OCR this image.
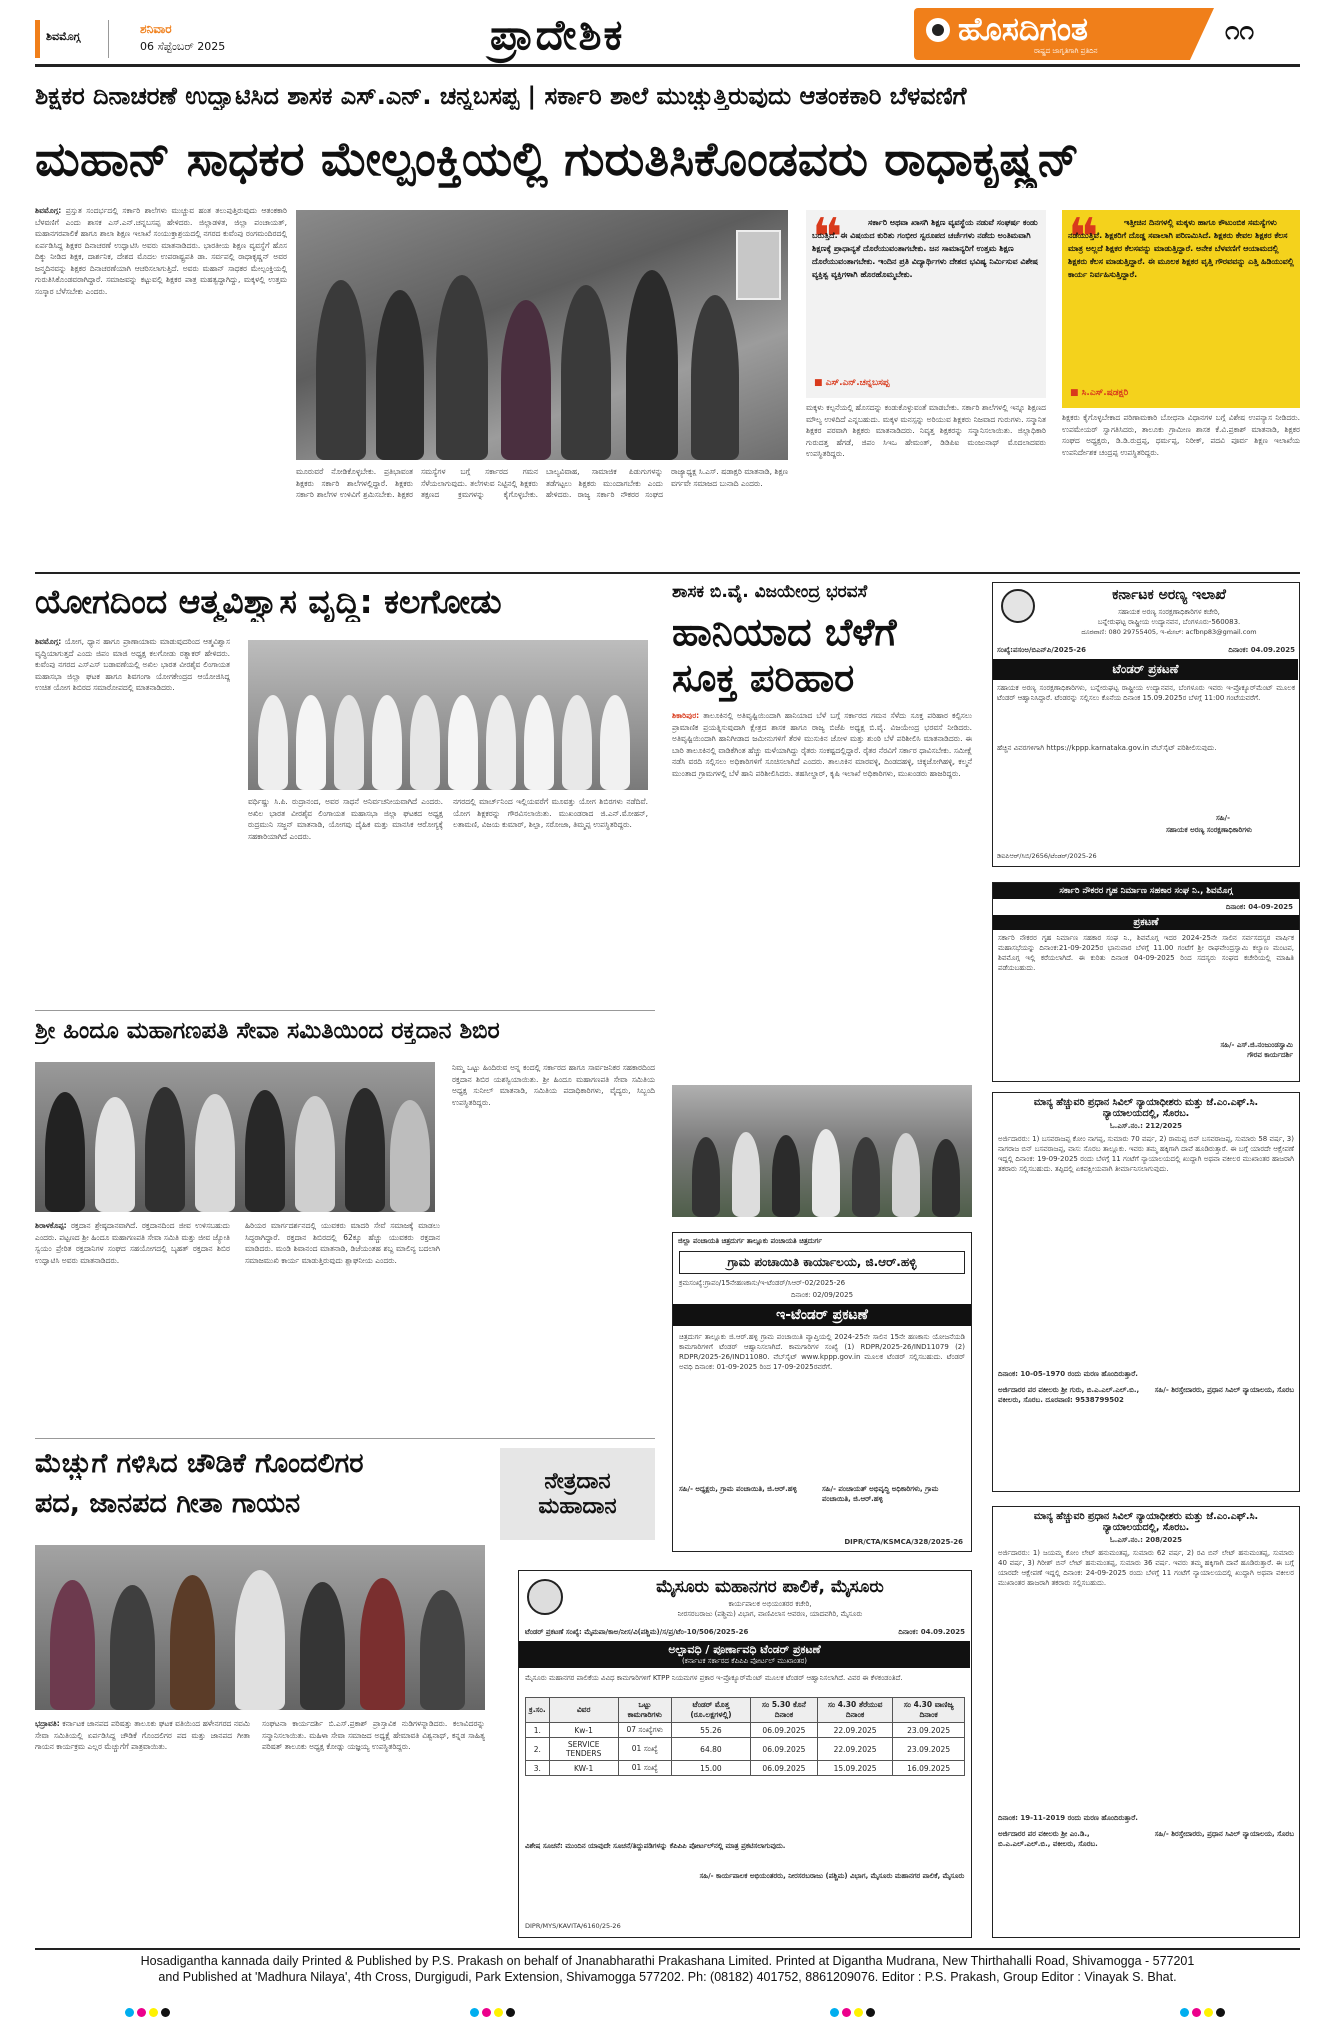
ಶಿವಮೊಗ್ಗ
ಶನಿವಾರ
06 ಸೆಪ್ಟೆಂಬರ್ 2025	ಪ್ರಾದೇಶಿಕ	ಹೊಸದಿಗಂತ
ರಾಷ್ಟ್ರದ ಜಾಗೃತಿಗಾಗಿ ಪ್ರತಿದಿನ
೧೧
ಶಿಕ್ಷಕರ ದಿನಾಚರಣೆ ಉದ್ಘಾಟಿಸಿದ ಶಾಸಕ ಎಸ್.ಎನ್. ಚನ್ನಬಸಪ್ಪ | ಸರ್ಕಾರಿ ಶಾಲೆ ಮುಚ್ಚುತ್ತಿರುವುದು ಆತಂಕಕಾರಿ ಬೆಳವಣಿಗೆ
ಮಹಾನ್ ಸಾಧಕರ ಮೇಲ್ಪಂಕ್ತಿಯಲ್ಲಿ ಗುರುತಿಸಿಕೊಂಡವರು ರಾಧಾಕೃಷ್ಣನ್
ಶಿವಮೊಗ್ಗ: ಪ್ರಸ್ತುತ ಸಂದರ್ಭದಲ್ಲಿ ಸರ್ಕಾರಿ ಶಾಲೆಗಳು ಮುಚ್ಚುವ ಹಂತ ತಲುಪುತ್ತಿರುವುದು ಆತಂಕಕಾರಿ ಬೆಳವಣಿಗೆ ಎಂದು ಶಾಸಕ ಎಸ್.ಎನ್.ಚನ್ನಬಸಪ್ಪ ಹೇಳಿದರು. ಜಿಲ್ಲಾಡಳಿತ, ಜಿಲ್ಲಾ ಪಂಚಾಯತ್, ಮಹಾನಗರಪಾಲಿಕೆ ಹಾಗೂ ಶಾಲಾ ಶಿಕ್ಷಣ ಇಲಾಖೆ ಸಂಯುಕ್ತಾಶ್ರಯದಲ್ಲಿ ನಗರದ ಕುವೆಂಪು ರಂಗಮಂದಿರದಲ್ಲಿ ಏರ್ಪಡಿಸಿದ್ದ ಶಿಕ್ಷಕರ ದಿನಾಚರಣೆ ಉದ್ಘಾಟಿಸಿ ಅವರು ಮಾತನಾಡಿದರು. ಭಾರತೀಯ ಶಿಕ್ಷಣ ವ್ಯವಸ್ಥೆಗೆ ಹೊಸ ದಿಕ್ಕು ನೀಡಿದ ಶಿಕ್ಷಕ, ದಾರ್ಶನಿಕ, ದೇಶದ ಮೊದಲ ಉಪರಾಷ್ಟ್ರಪತಿ ಡಾ. ಸರ್ವಪಲ್ಲಿ ರಾಧಾಕೃಷ್ಣನ್ ಅವರ ಜನ್ಮದಿನವನ್ನು ಶಿಕ್ಷಕರ ದಿನಾಚರಣೆಯಾಗಿ ಆಚರಿಸಲಾಗುತ್ತಿದೆ. ಅವರು ಮಹಾನ್ ಸಾಧಕರ ಮೇಲ್ಪಂಕ್ತಿಯಲ್ಲಿ ಗುರುತಿಸಿಕೊಂಡವರಾಗಿದ್ದಾರೆ. ಸಮಾಜವನ್ನು ಕಟ್ಟುವಲ್ಲಿ ಶಿಕ್ಷಕರ ಪಾತ್ರ ಮಹತ್ವದ್ದಾಗಿದ್ದು, ಮಕ್ಕಳಲ್ಲಿ ಉತ್ತಮ ಸಂಸ್ಕಾರ ಬೆಳೆಸಬೇಕು ಎಂದರು.
ಮೂರುವರೆ ನೋಡಿಕೊಳ್ಳಬೇಕು. ಪ್ರತಿಭಾವಂತ ಶಿಕ್ಷಕರು ಸರ್ಕಾರಿ ಶಾಲೆಗಳಲ್ಲಿದ್ದಾರೆ. ಶಿಕ್ಷಕರು ಸರ್ಕಾರಿ ಶಾಲೆಗಳ ಉಳಿವಿಗೆ ಶ್ರಮಿಸಬೇಕು. ಶಿಕ್ಷಕರ ಸಮಸ್ಯೆಗಳ ಬಗ್ಗೆ ಸರ್ಕಾರದ ಗಮನ ಸೆಳೆಯಲಾಗುವುದು. ತಲೆಗಳುವ ನಿಟ್ಟಿನಲ್ಲಿ ಶಿಕ್ಷಕರು ತಕ್ಷಣದ ಕ್ರಮಗಳನ್ನು ಕೈಗೊಳ್ಳಬೇಕು. ಬಾಲ್ಯವಿವಾಹ, ಸಾಮಾಜಿಕ ಪಿಡುಗುಗಳನ್ನು ತಡೆಗಟ್ಟಲು ಶಿಕ್ಷಕರು ಮುಂದಾಗಬೇಕು ಎಂದು ಹೇಳಿದರು. ರಾಜ್ಯ ಸರ್ಕಾರಿ ನೌಕರರ ಸಂಘದ ರಾಜ್ಯಾಧ್ಯಕ್ಷ ಸಿ.ಎಸ್. ಷಡಾಕ್ಷರಿ ಮಾತನಾಡಿ, ಶಿಕ್ಷಣ ವರ್ಗವೇ ಸಮಾಜದ ಬುನಾದಿ ಎಂದರು.
❝	ಸರ್ಕಾರಿ ಅಥವಾ ಖಾಸಗಿ ಶಿಕ್ಷಣ ವ್ಯವಸ್ಥೆಯ ನಡುವೆ ಸಂಘರ್ಷ ಕಂಡು ಬರುತ್ತಿದೆ. ಈ ವಿಷಯದ ಕುರಿತು ಗಂಭೀರ ಸ್ವರೂಪದ ಚರ್ಚೆಗಳು ನಡೆದು ಅಂತಿಮವಾಗಿ ಶಿಕ್ಷಣಕ್ಕೆ ಪ್ರಾಧಾನ್ಯತೆ ದೊರೆಯುವಂತಾಗಬೇಕು. ಜನ ಸಾಮಾನ್ಯರಿಗೆ ಉತ್ತಮ ಶಿಕ್ಷಣ ದೊರೆಯುವಂತಾಗಬೇಕು. ಇಂದಿನ ಪ್ರತಿ ವಿದ್ಯಾರ್ಥಿಗಳು ದೇಶದ ಭವಿಷ್ಯ ನಿರ್ಮಿಸುವ ವಿಶೇಷ ವ್ಯಕ್ತಿತ್ವ ವ್ಯಕ್ತಿಗಳಾಗಿ ಹೊರಹೊಮ್ಮಬೇಕು.
■ ಎಸ್.ಎನ್.ಚನ್ನಬಸಪ್ಪ
❝	ಇತ್ತೀಚಿನ ದಿನಗಳಲ್ಲಿ ಮಕ್ಕಳು ಹಾಗೂ ಕೌಟುಂಬಿಕ ಸಮಸ್ಯೆಗಳು ನಡೆಯುತ್ತಿವೆ. ಶಿಕ್ಷಕರಿಗೆ ದೊಡ್ಡ ಸವಾಲಾಗಿ ಪರಿಣಮಿಸಿದೆ. ಶಿಕ್ಷಕರು ಕೇವಲ ಶಿಕ್ಷಕರ ಕೆಲಸ ಮಾತ್ರ ಅಲ್ಲದೆ ಶಿಕ್ಷಕರ ಕೆಲಸವನ್ನು ಮಾಡುತ್ತಿದ್ದಾರೆ. ಅನೇಕ ಬೆಳವಣಿಗೆ ಆಯಾಮದಲ್ಲಿ ಶಿಕ್ಷಕರು ಕೆಲಸ ಮಾಡುತ್ತಿದ್ದಾರೆ. ಈ ಮೂಲಕ ಶಿಕ್ಷಕರ ವೃತ್ತಿ ಗೌರವವನ್ನು ಎತ್ತಿ ಹಿಡಿಯುವಲ್ಲಿ ಕಾರ್ಯ ನಿರ್ವಹಿಸುತ್ತಿದ್ದಾರೆ.
■ ಸಿ.ಎಸ್.ಷಡಕ್ಷರಿ
ಮಕ್ಕಳು ಕಲ್ಪನೆಯಲ್ಲಿ ಹೊಸದನ್ನು ಕಂಡುಕೊಳ್ಳುವಂತೆ ಮಾಡಬೇಕು. ಸರ್ಕಾರಿ ಶಾಲೆಗಳಲ್ಲಿ ಇನ್ನೂ ಶಿಕ್ಷಣದ ಮೌಲ್ಯ ಉಳಿದಿದೆ ಎನ್ನಬಹುದು. ಮಕ್ಕಳ ಮನಸ್ಸನ್ನು ಅರಿಯುವ ಶಿಕ್ಷಕರು ನಿಜವಾದ ಗುರುಗಳು. ಸನ್ಮಾನಿತ ಶಿಕ್ಷಕರ ಪರವಾಗಿ ಶಿಕ್ಷಕರು ಮಾತನಾಡಿದರು. ನಿವೃತ್ತ ಶಿಕ್ಷಕರನ್ನು ಸನ್ಮಾನಿಸಲಾಯಿತು. ಜಿಲ್ಲಾಧಿಕಾರಿ ಗುರುದತ್ತ ಹೆಗಡೆ, ಜಿಪಂ ಸಿಇಒ ಹೇಮಂತ್, ಡಿಡಿಪಿಐ ಮಂಜುನಾಥ್ ಮೊದಲಾದವರು ಉಪಸ್ಥಿತರಿದ್ದರು.
ಶಿಕ್ಷಕರು ಕೈಗೊಳ್ಳಬೇಕಾದ ಪರಿಣಾಮಕಾರಿ ಬೋಧನಾ ವಿಧಾನಗಳ ಬಗ್ಗೆ ವಿಶೇಷ ಉಪನ್ಯಾಸ ನೀಡಿದರು. ಉಪಮೇಯರ್ ಸ್ವಾಗತಿಸಿದರು, ತಾಲೂಕು ಗ್ರಾಮೀಣ ಶಾಸಕ ಕೆ.ವಿ.ಪ್ರಕಾಶ್ ಮಾತನಾಡಿ, ಶಿಕ್ಷಕರ ಸಂಘದ ಅಧ್ಯಕ್ಷರು, ಡಿ.ಡಿ.ರುದ್ರಪ್ಪ, ಧರ್ಮಪ್ಪ, ನಿರೀಕ್, ಪದವಿ ಪೂರ್ವ ಶಿಕ್ಷಣ ಇಲಾಖೆಯ ಉಪನಿರ್ದೇಶಕ ಚಂದ್ರಪ್ಪ ಉಪಸ್ಥಿತರಿದ್ದರು.
ಯೋಗದಿಂದ ಆತ್ಮವಿಶ್ವಾಸ ವೃದ್ಧಿ: ಕಲಗೋಡು
ಶಿವಮೊಗ್ಗ: ಯೋಗ, ಧ್ಯಾನ ಹಾಗೂ ಪ್ರಾಣಾಯಾಮ ಮಾಡುವುದರಿಂದ ಆತ್ಮವಿಶ್ವಾಸ ವೃದ್ಧಿಯಾಗುತ್ತದೆ ಎಂದು ಜಿಪಂ ಮಾಜಿ ಅಧ್ಯಕ್ಷ ಕಲಗೋಡು ರತ್ನಾಕರ್ ಹೇಳಿದರು. ಕುವೆಂಪು ನಗರದ ಎಸ್‌ಎಸ್ ಬಡಾವಣೆಯಲ್ಲಿ ಅಖಿಲ ಭಾರತ ವೀರಶೈವ ಲಿಂಗಾಯತ ಮಹಾಸಭಾ ಜಿಲ್ಲಾ ಘಟಕ ಹಾಗೂ ಶಿವಗಂಗಾ ಯೋಗಕೇಂದ್ರದ ಆಯೋಜಿಸಿದ್ದ ಉಚಿತ ಯೋಗ ಶಿಬಿರದ ಸಮಾರೋಪದಲ್ಲಿ ಮಾತನಾಡಿದರು.
ವರ್ಧಿಷ್ಣು ಸಿ.ಪಿ. ರುದ್ರಾನಂದ, ಅವರ ಸಾಧನೆ ಅನಿರ್ವಚನೀಯವಾಗಿದೆ ಎಂದರು. ಅಖಿಲ ಭಾರತ ವೀರಶೈವ ಲಿಂಗಾಯತ ಮಹಾಸಭಾ ಜಿಲ್ಲಾ ಘಟಕದ ಅಧ್ಯಕ್ಷ ರುದ್ರಮುನಿ ಸಜ್ಜನ್ ಮಾತನಾಡಿ, ಯೋಗವು ದೈಹಿಕ ಮತ್ತು ಮಾನಸಿಕ ಆರೋಗ್ಯಕ್ಕೆ ಸಹಕಾರಿಯಾಗಿದೆ ಎಂದರು.
ನಗರದಲ್ಲಿ ಮಾರ್ಚ್‌ನಿಂದ ಇಲ್ಲಿಯವರೆಗೆ ಮೂವತ್ತು ಯೋಗ ಶಿಬಿರಗಳು ನಡೆದಿವೆ. ಯೋಗ ಶಿಕ್ಷಕರನ್ನು ಗೌರವಿಸಲಾಯಿತು. ಮುಖಂಡರಾದ ಜಿ.ಎನ್.ಮೋಹನ್, ಲತಾಮಣಿ, ವಿಜಯ ಕುಮಾರ್, ಶಿಲ್ಪಾ, ಸರೋಜಾ, ತಿಮ್ಮಪ್ಪ ಉಪಸ್ಥಿತರಿದ್ದರು.
ಶ್ರೀ ಹಿಂದೂ ಮಹಾಗಣಪತಿ ಸೇವಾ ಸಮಿತಿಯಿಂದ ರಕ್ತದಾನ ಶಿಬಿರ
ನಿಮ್ಮ ಒಟ್ಟು ಹಿಂದಿರುವ ಅನ್ನ ಕಂದಲ್ಲಿ ಸರ್ಕಾರದ ಹಾಗೂ ಸಾರ್ವಜನಿಕರ ಸಹಕಾರದಿಂದ ರಕ್ತದಾನ ಶಿಬಿರ ಯಶಸ್ವಿಯಾಯಿತು. ಶ್ರೀ ಹಿಂದೂ ಮಹಾಗಣಪತಿ ಸೇವಾ ಸಮಿತಿಯ ಅಧ್ಯಕ್ಷ ಸುನೀಲ್ ಮಾತನಾಡಿ, ಸಮಿತಿಯ ಪದಾಧಿಕಾರಿಗಳು, ವೈದ್ಯರು, ಸಿಬ್ಬಂದಿ ಉಪಸ್ಥಿತರಿದ್ದರು.
ಶಿರಾಳಕೊಪ್ಪ: ರಕ್ತದಾನ ಶ್ರೇಷ್ಠದಾನವಾಗಿದೆ. ರಕ್ತದಾನದಿಂದ ಜೀವ ಉಳಿಸಬಹುದು ಎಂದರು. ಪಟ್ಟಣದ ಶ್ರೀ ಹಿಂದೂ ಮಹಾಗಣಪತಿ ಸೇವಾ ಸಮಿತಿ ಮತ್ತು ಜೀವ ಜ್ಯೋತಿ ಸ್ವಯಂ ಪ್ರೇರಿತ ರಕ್ತದಾನಿಗಳ ಸಂಘದ ಸಹಯೋಗದಲ್ಲಿ ಬೃಹತ್ ರಕ್ತದಾನ ಶಿಬಿರ ಉದ್ಘಾಟಿಸಿ ಅವರು ಮಾತನಾಡಿದರು.
ಹಿರಿಯರ ಮಾರ್ಗದರ್ಶನದಲ್ಲಿ ಯುವಕರು ಮಾದರಿ ಸೇವೆ ಸಮಾಜಕ್ಕೆ ಮಾಡಲು ಸಿದ್ಧರಾಗಿದ್ದಾರೆ. ರಕ್ತದಾನ ಶಿಬಿರದಲ್ಲಿ 62ಕ್ಕೂ ಹೆಚ್ಚು ಯುವಕರು ರಕ್ತದಾನ ಮಾಡಿದರು. ಮಂಡಿ ಶಿವಾನಂದ ಮಾತನಾಡಿ, ಡಿಜೆಯಂತಹ ಶಬ್ದ ಮಾಲಿನ್ಯ ಬದಲಾಗಿ ಸಮಾಜಮುಖಿ ಕಾರ್ಯ ಮಾಡುತ್ತಿರುವುದು ಶ್ಲಾಘನೀಯ ಎಂದರು.
ಮೆಚ್ಚುಗೆ ಗಳಿಸಿದ ಚೌಡಿಕೆ ಗೊಂದಲಿಗರ
ಪದ, ಜಾನಪದ ಗೀತಾ ಗಾಯನ
ನೇತ್ರದಾನ
ಮಹಾದಾನ
ಭದ್ರಾವತಿ: ಕರ್ನಾಟಕ ಜಾನಪದ ಪರಿಷತ್ತು ತಾಲೂಕು ಘಟಕ ವತಿಯಿಂದ ಹಳೇನಗರದ ನವಮಿ ಸೇವಾ ಸಮಿತಿಯಲ್ಲಿ ಏರ್ಪಡಿಸಿದ್ದ ಚೌಡಿಕೆ ಗೊಂದಲಿಗರ ಪದ ಮತ್ತು ಜಾನಪದ ಗೀತಾ ಗಾಯನ ಕಾರ್ಯಕ್ರಮ ಎಲ್ಲರ ಮೆಚ್ಚುಗೆಗೆ ಪಾತ್ರವಾಯಿತು.
ಸಂಘಟನಾ ಕಾರ್ಯದರ್ಶಿ ಬಿ.ಎಸ್.ಪ್ರಕಾಶ್ ಪ್ರಾಸ್ತಾವಿಕ ನುಡಿಗಳನ್ನಾಡಿದರು. ಕಲಾವಿದರನ್ನು ಸನ್ಮಾನಿಸಲಾಯಿತು. ಮಹಿಳಾ ಸೇವಾ ಸಮಾಜದ ಅಧ್ಯಕ್ಷೆ ಹೇಮಾವತಿ ವಿಶ್ವನಾಥ್, ಕನ್ನಡ ಸಾಹಿತ್ಯ ಪರಿಷತ್ ತಾಲೂಕು ಅಧ್ಯಕ್ಷ ಕೋಡ್ಲು ಯಜ್ಞಯ್ಯ ಉಪಸ್ಥಿತರಿದ್ದರು.
ಶಾಸಕ ಬಿ.ವೈ. ವಿಜಯೇಂದ್ರ ಭರವಸೆ
ಹಾನಿಯಾದ ಬೆಳೆಗೆ
ಸೂಕ್ತ ಪರಿಹಾರ
ಶಿಕಾರಿಪುರ: ತಾಲೂಕಿನಲ್ಲಿ ಅತಿವೃಷ್ಟಿಯಿಂದಾಗಿ ಹಾನಿಯಾದ ಬೆಳೆ ಬಗ್ಗೆ ಸರ್ಕಾರದ ಗಮನ ಸೆಳೆದು ಸೂಕ್ತ ಪರಿಹಾರ ಕಲ್ಪಿಸಲು ಪ್ರಾಮಾಣಿಕ ಪ್ರಯತ್ನಿಸುವುದಾಗಿ ಕ್ಷೇತ್ರದ ಶಾಸಕ ಹಾಗೂ ರಾಜ್ಯ ಬಿಜೆಪಿ ಅಧ್ಯಕ್ಷ ಬಿ.ವೈ. ವಿಜಯೇಂದ್ರ ಭರವಸೆ ನೀಡಿದರು. ಅತಿವೃಷ್ಟಿಯಿಂದಾಗಿ ಹಾನಿಗೀಡಾದ ಜಮೀನುಗಳಿಗೆ ತೆರಳಿ ಮುಸುಕಿನ ಜೋಳ ಮತ್ತು ಶುಂಠಿ ಬೆಳೆ ಪರಿಶೀಲಿಸಿ ಮಾತನಾಡಿದರು. ಈ ಬಾರಿ ತಾಲೂಕಿನಲ್ಲಿ ವಾಡಿಕೆಗಿಂತ ಹೆಚ್ಚು ಮಳೆಯಾಗಿದ್ದು ರೈತರು ಸಂಕಷ್ಟದಲ್ಲಿದ್ದಾರೆ. ರೈತರ ನೆರವಿಗೆ ಸರ್ಕಾರ ಧಾವಿಸಬೇಕು. ಸಮೀಕ್ಷೆ ನಡೆಸಿ ವರದಿ ಸಲ್ಲಿಸಲು ಅಧಿಕಾರಿಗಳಿಗೆ ಸೂಚಿಸಲಾಗಿದೆ ಎಂದರು. ತಾಲೂಕಿನ ಮಾರವಳ್ಳಿ, ದಿಂಡದಹಳ್ಳಿ, ಚಿಕ್ಕಜೋಗಿಹಳ್ಳಿ, ಕಲ್ಮನೆ ಮುಂತಾದ ಗ್ರಾಮಗಳಲ್ಲಿ ಬೆಳೆ ಹಾನಿ ಪರಿಶೀಲಿಸಿದರು. ತಹಸೀಲ್ದಾರ್, ಕೃಷಿ ಇಲಾಖೆ ಅಧಿಕಾರಿಗಳು, ಮುಖಂಡರು ಹಾಜರಿದ್ದರು.
ಜಿಲ್ಲಾ ಪಂಚಾಯತಿ ಚಿತ್ರದುರ್ಗ ತಾಲ್ಲೂಕು ಪಂಚಾಯತಿ ಚಿತ್ರದುರ್ಗ
ಗ್ರಾಮ ಪಂಚಾಯಿತಿ ಕಾರ್ಯಾಲಯ, ಜಿ.ಆರ್.ಹಳ್ಳಿ
ಕ್ರಮಸಂಖ್ಯೆ:ಗ್ರಾಪಂ/15ನೇಹಣಕಾಸು/ಇ-ಟೆಂಡರ್/ಸಿಆರ್-02/2025-26
ದಿನಾಂಕ: 02/09/2025
ಇ-ಟೆಂಡರ್ ಪ್ರಕಟಣೆ
ಚಿತ್ರದುರ್ಗ ತಾಲ್ಲೂಕು ಜಿ.ಆರ್.ಹಳ್ಳಿ ಗ್ರಾಮ ಪಂಚಾಯಿತಿ ವ್ಯಾಪ್ತಿಯಲ್ಲಿ 2024-25ನೇ ಸಾಲಿನ 15ನೇ ಹಣಕಾಸು ಯೋಜನೆಯಡಿ ಕಾಮಗಾರಿಗಳಿಗೆ ಟೆಂಡರ್ ಆಹ್ವಾನಿಸಲಾಗಿದೆ. ಕಾಮಗಾರಿಗಳ ಸಂಖ್ಯೆ (1) RDPR/2025-26/IND11079 (2) RDPR/2025-26/IND11080. ವೆಬ್‌ಸೈಟ್ www.kppp.gov.in ಮೂಲಕ ಟೆಂಡರ್ ಸಲ್ಲಿಸಬಹುದು. ಟೆಂಡರ್ ಅವಧಿ ದಿನಾಂಕ: 01-09-2025 ರಿಂದ 17-09-2025ರವರೆಗೆ.
ಸಹಿ/- ಅಧ್ಯಕ್ಷರು, ಗ್ರಾಮ ಪಂಚಾಯಿತಿ, ಜಿ.ಆರ್.ಹಳ್ಳಿ	ಸಹಿ/- ಪಂಚಾಯತ್ ಅಭಿವೃದ್ಧಿ ಅಧಿಕಾರಿಗಳು, ಗ್ರಾಮ ಪಂಚಾಯಿತಿ, ಜಿ.ಆರ್.ಹಳ್ಳಿ
DIPR/CTA/KSMCA/328/2025-26
ಮೈಸೂರು ಮಹಾನಗರ ಪಾಲಿಕೆ, ಮೈಸೂರು
ಕಾರ್ಯಪಾಲಕ ಅಭಿಯಂತರರ ಕಚೇರಿ,
ನೀರಸರಬರಾಜು (ಪಶ್ಚಿಮ) ವಿಭಾಗ, ವಾಣಿವಿಲಾಸ ಆವರಣ, ಯಾದವಗಿರಿ, ಮೈಸೂರು
ಟೆಂಡರ್ ಪ್ರಕಟಣೆ ಸಂಖ್ಯೆ: ಮೈಮಪಾ/ಕಾಅ/ನೀಸ/ವಿ(ಪಶ್ಚಿಮ)/ಸ/ಪ್ರ/ಟೆಂ-10/506/2025-26	ದಿನಾಂಕ: 04.09.2025
ಅಲ್ಪಾವಧಿ / ಪೂರ್ಣಾವಧಿ ಟೆಂಡರ್ ಪ್ರಕಟಣೆ
(ಕರ್ನಾಟಕ ಸರ್ಕಾರದ ಕೆಪಿಪಿಪಿ ಪೋರ್ಟಲ್ ಮುಖಾಂತರ)
ಮೈಸೂರು ಮಹಾನಗರ ಪಾಲಿಕೆಯ ವಿವಿಧ ಕಾಮಗಾರಿಗಳಿಗೆ KTPP ನಿಯಮಗಳ ಪ್ರಕಾರ ಇ-ಪ್ರೊಕ್ಯೂರ್‌ಮೆಂಟ್ ಮೂಲಕ ಟೆಂಡರ್ ಆಹ್ವಾನಿಸಲಾಗಿದೆ. ವಿವರ ಈ ಕೆಳಕಂಡಂತಿದೆ.
ಕ್ರ.ಸಂ.	ವಿವರ	ಒಟ್ಟು ಕಾಮಗಾರಿಗಳು	ಟೆಂಡರ್ ಮೊತ್ತ (ರೂ.ಲಕ್ಷಗಳಲ್ಲಿ)	ಸಂ 5.30 ಕೊನೆ ದಿನಾಂಕ	ಸಂ 4.30 ತೆರೆಯುವ ದಿನಾಂಕ	ಸಂ 4.30 ವಾಣಿಜ್ಯ ದಿನಾಂಕ
1.	Kw-1	07 ಸಂಖ್ಯೆಗಳು	55.26	06.09.2025	22.09.2025	23.09.2025
2.	SERVICE TENDERS	01 ಸಂಖ್ಯೆ	64.80	06.09.2025	22.09.2025	23.09.2025
3.	KW-1	01 ಸಂಖ್ಯೆ	15.00	06.09.2025	15.09.2025	16.09.2025
ವಿಶೇಷ ಸೂಚನೆ: ಮುಂದಿನ ಯಾವುದೇ ಸೂಚನೆ/ತಿದ್ದುಪಡಿಗಳನ್ನು ಕೆಪಿಪಿಪಿ ಪೋರ್ಟಲ್‌ನಲ್ಲಿ ಮಾತ್ರ ಪ್ರಕಟಿಸಲಾಗುವುದು.
ಸಹಿ/- ಕಾರ್ಯಪಾಲಕ ಅಭಿಯಂತರರು, ನೀರಸರಬರಾಜು (ಪಶ್ಚಿಮ) ವಿಭಾಗ, ಮೈಸೂರು ಮಹಾನಗರ ಪಾಲಿಕೆ, ಮೈಸೂರು
DIPR/MYS/KAVITA/6160/25-26
ಕರ್ನಾಟಕ ಅರಣ್ಯ ಇಲಾಖೆ
ಸಹಾಯಕ ಅರಣ್ಯ ಸಂರಕ್ಷಣಾಧಿಕಾರಿಗಳ ಕಚೇರಿ,
ಬನ್ನೇರುಘಟ್ಟ ರಾಷ್ಟ್ರೀಯ ಉದ್ಯಾನವನ, ಬೆಂಗಳೂರು-560083.
ದೂರವಾಣಿ: 080 29755405, ಇ-ಮೇಲ್: acfbnp83@gmail.com
ಸಂಖ್ಯೆ:ಪಸಂಅ/ಬಿಎನ್‌ಪಿ/2025-26	ದಿನಾಂಕ: 04.09.2025
ಟೆಂಡರ್ ಪ್ರಕಟಣೆ
ಸಹಾಯಕ ಅರಣ್ಯ ಸಂರಕ್ಷಣಾಧಿಕಾರಿಗಳು, ಬನ್ನೇರುಘಟ್ಟ ರಾಷ್ಟ್ರೀಯ ಉದ್ಯಾನವನ, ಬೆಂಗಳೂರು ಇವರು ಇ-ಪ್ರೊಕ್ಯೂರ್‌ಮೆಂಟ್ ಮೂಲಕ ಟೆಂಡರ್ ಆಹ್ವಾನಿಸಿದ್ದಾರೆ. ಟೆಂಡರನ್ನು ಸಲ್ಲಿಸಲು ಕೊನೆಯ ದಿನಾಂಕ 15.09.2025ರ ಬೆಳಗ್ಗೆ 11:00 ಗಂಟೆಯವರೆಗೆ.
ಹೆಚ್ಚಿನ ವಿವರಗಳಿಗಾಗಿ https://kppp.karnataka.gov.in ವೆಬ್‌ಸೈಟ್ ಪರಿಶೀಲಿಸುವುದು.
ಸಹಿ/-
ಸಹಾಯಕ ಅರಣ್ಯ ಸಂರಕ್ಷಣಾಧಿಕಾರಿಗಳು
ಡಿಐಪಿಆರ್/ಸಿಬಿ/2656/ಟೆಂಡರ್/2025-26
ಸರ್ಕಾರಿ ನೌಕರರ ಗೃಹ ನಿರ್ಮಾಣ ಸಹಕಾರ ಸಂಘ ನಿ., ಶಿವಮೊಗ್ಗ
ದಿನಾಂಕ: 04-09-2025
ಪ್ರಕಟಣೆ
ಸರ್ಕಾರಿ ನೌಕರರ ಗೃಹ ನಿರ್ಮಾಣ ಸಹಕಾರ ಸಂಘ ನಿ., ಶಿವಮೊಗ್ಗ ಇದರ 2024-25ನೇ ಸಾಲಿನ ಸರ್ವಸದಸ್ಯರ ವಾರ್ಷಿಕ ಮಹಾಸಭೆಯನ್ನು ದಿನಾಂಕ:21-09-2025ರ ಭಾನುವಾರ ಬೆಳಗ್ಗೆ 11.00 ಗಂಟೆಗೆ ಶ್ರೀ ರಾಘವೇಂದ್ರಸ್ವಾಮಿ ಕಲ್ಯಾಣ ಮಂಟಪ, ಶಿವಮೊಗ್ಗ ಇಲ್ಲಿ ಕರೆಯಲಾಗಿದೆ. ಈ ಕುರಿತು ದಿನಾಂಕ 04-09-2025 ರಿಂದ ಸದಸ್ಯರು ಸಂಘದ ಕಚೇರಿಯಲ್ಲಿ ಮಾಹಿತಿ ಪಡೆಯಬಹುದು.
ಸಹಿ/- ಎಸ್.ಜಿ.ನಂಜುಂಡಸ್ವಾಮಿ
ಗೌರವ ಕಾರ್ಯದರ್ಶಿ
ಮಾನ್ಯ ಹೆಚ್ಚುವರಿ ಪ್ರಧಾನ ಸಿವಿಲ್ ನ್ಯಾಯಾಧೀಶರು ಮತ್ತು ಜೆ.ಎಂ.ಎಫ್.ಸಿ.
ನ್ಯಾಯಾಲಯದಲ್ಲಿ, ಸೊರಬ.
ಓ.ಎಸ್.ನಂ.: 212/2025
ಅರ್ಜಿದಾರರು: 1) ಬಸವರಾಜಪ್ಪ ಕೋಂ ನಾಗಪ್ಪ, ಸುಮಾರು 70 ವರ್ಷ, 2) ರಾಮಪ್ಪ ಬಿನ್ ಬಸವರಾಜಪ್ಪ, ಸುಮಾರು 58 ವರ್ಷ, 3) ನಾಗರಾಜ ಬಿನ್ ಬಸವರಾಜಪ್ಪ, ವಾಸ: ಸೊರಬ ತಾಲ್ಲೂಕು. ಇವರು ತಮ್ಮ ಹಕ್ಕಿಗಾಗಿ ದಾವೆ ಹೂಡಿರುತ್ತಾರೆ. ಈ ಬಗ್ಗೆ ಯಾರದೇ ಆಕ್ಷೇಪಣೆ ಇದ್ದಲ್ಲಿ ದಿನಾಂಕ: 19-09-2025 ರಂದು ಬೆಳಗ್ಗೆ 11 ಗಂಟೆಗೆ ನ್ಯಾಯಾಲಯದಲ್ಲಿ ಖುದ್ದಾಗಿ ಅಥವಾ ವಕೀಲರ ಮುಖಾಂತರ ಹಾಜರಾಗಿ ತಕರಾರು ಸಲ್ಲಿಸಬಹುದು. ತಪ್ಪಿದಲ್ಲಿ ಏಕಪಕ್ಷೀಯವಾಗಿ ತೀರ್ಮಾನಿಸಲಾಗುವುದು.
ದಿನಾಂಕ: 10-05-1970 ರಂದು ಮರಣ ಹೊಂದಿರುತ್ತಾರೆ.
ಅರ್ಜಿದಾರರ ಪರ ವಕೀಲರು ಶ್ರೀ ಗುರು, ಬಿ.ಎ.ಎಲ್.ಎಲ್.ಬಿ., ವಕೀಲರು, ಸೊರಬ. ದೂರವಾಣಿ: 9538799502
ಸಹಿ/- ಶಿರಸ್ತೇದಾರರು, ಪ್ರಧಾನ ಸಿವಿಲ್ ನ್ಯಾಯಾಲಯ, ಸೊರಬ
ಮಾನ್ಯ ಹೆಚ್ಚುವರಿ ಪ್ರಧಾನ ಸಿವಿಲ್ ನ್ಯಾಯಾಧೀಶರು ಮತ್ತು ಜೆ.ಎಂ.ಎಫ್.ಸಿ.
ನ್ಯಾಯಾಲಯದಲ್ಲಿ, ಸೊರಬ.
ಓ.ಎಸ್.ನಂ.: 208/2025
ಅರ್ಜಿದಾರರು: 1) ಜಯಮ್ಮ ಕೋಂ ಲೇಟ್ ಹನುಮಂತಪ್ಪ, ಸುಮಾರು 62 ವರ್ಷ, 2) ರವಿ ಬಿನ್ ಲೇಟ್ ಹನುಮಂತಪ್ಪ, ಸುಮಾರು 40 ವರ್ಷ, 3) ಗಿರೀಶ್ ಬಿನ್ ಲೇಟ್ ಹನುಮಂತಪ್ಪ, ಸುಮಾರು 36 ವರ್ಷ. ಇವರು ತಮ್ಮ ಹಕ್ಕಿಗಾಗಿ ದಾವೆ ಹೂಡಿರುತ್ತಾರೆ. ಈ ಬಗ್ಗೆ ಯಾರದೇ ಆಕ್ಷೇಪಣೆ ಇದ್ದಲ್ಲಿ ದಿನಾಂಕ: 24-09-2025 ರಂದು ಬೆಳಗ್ಗೆ 11 ಗಂಟೆಗೆ ನ್ಯಾಯಾಲಯದಲ್ಲಿ ಖುದ್ದಾಗಿ ಅಥವಾ ವಕೀಲರ ಮುಖಾಂತರ ಹಾಜರಾಗಿ ತಕರಾರು ಸಲ್ಲಿಸಬಹುದು.
ದಿನಾಂಕ: 19-11-2019 ರಂದು ಮರಣ ಹೊಂದಿರುತ್ತಾರೆ.
ಅರ್ಜಿದಾರರ ಪರ ವಕೀಲರು ಶ್ರೀ ಎಂ.ಡಿ., ಬಿ.ಎ.ಎಲ್.ಎಲ್.ಬಿ., ವಕೀಲರು, ಸೊರಬ.
ಸಹಿ/- ಶಿರಸ್ತೇದಾರರು, ಪ್ರಧಾನ ಸಿವಿಲ್ ನ್ಯಾಯಾಲಯ, ಸೊರಬ
Hosadigantha kannada daily Printed & Published by P.S. Prakash on behalf of Jnanabharathi Prakashana Limited. Printed at Digantha Mudrana, New Thirthahalli Road, Shivamogga - 577201
and Published at 'Madhura Nilaya', 4th Cross, Durgigudi, Park Extension, Shivamogga 577202. Ph: (08182) 401752, 8861209076. Editor : P.S. Prakash, Group Editor : Vinayak S. Bhat.
